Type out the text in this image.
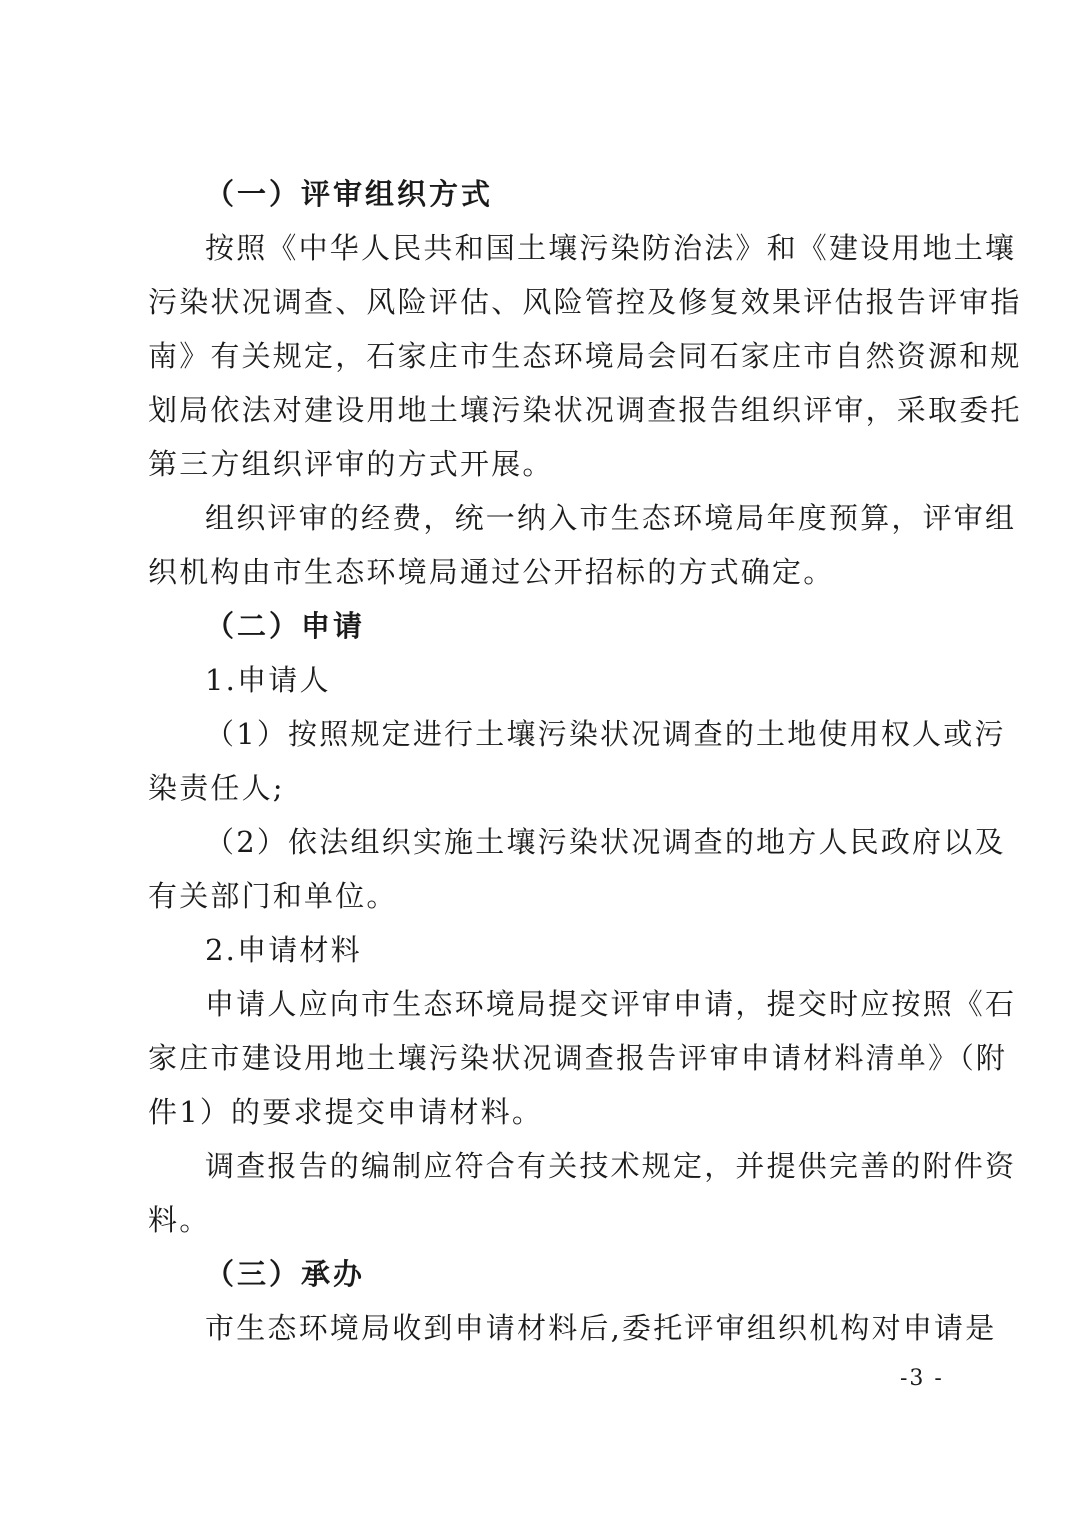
（一）评审组织方式
按照《中华人民共和国土壤污染防治法》和《建设用地土壤
污染状况调查、风险评估、风险管控及修复效果评估报告评审指
南》有关规定，石家庄市生态环境局会同石家庄市自然资源和规
划局依法对建设用地土壤污染状况调查报告组织评审，采取委托
第三方组织评审的方式开展。
组织评审的经费，统一纳入市生态环境局年度预算，评审组
织机构由市生态环境局通过公开招标的方式确定。
（二）申请
1.申请人
（1）按照规定进行土壤污染状况调查的土地使用权人或污
染责任人;
（2）依法组织实施土壤污染状况调查的地方人民政府以及
有关部门和单位。
2.申请材料
申请人应向市生态环境局提交评审申请，提交时应按照《石
家庄市建设用地土壤污染状况调查报告评审申请材料清单》（附
件1）的要求提交申请材料。
调查报告的编制应符合有关技术规定，并提供完善的附件资
料。
（三）承办
市生态环境局收到申请材料后,委托评审组织机构对申请是
-3 -
